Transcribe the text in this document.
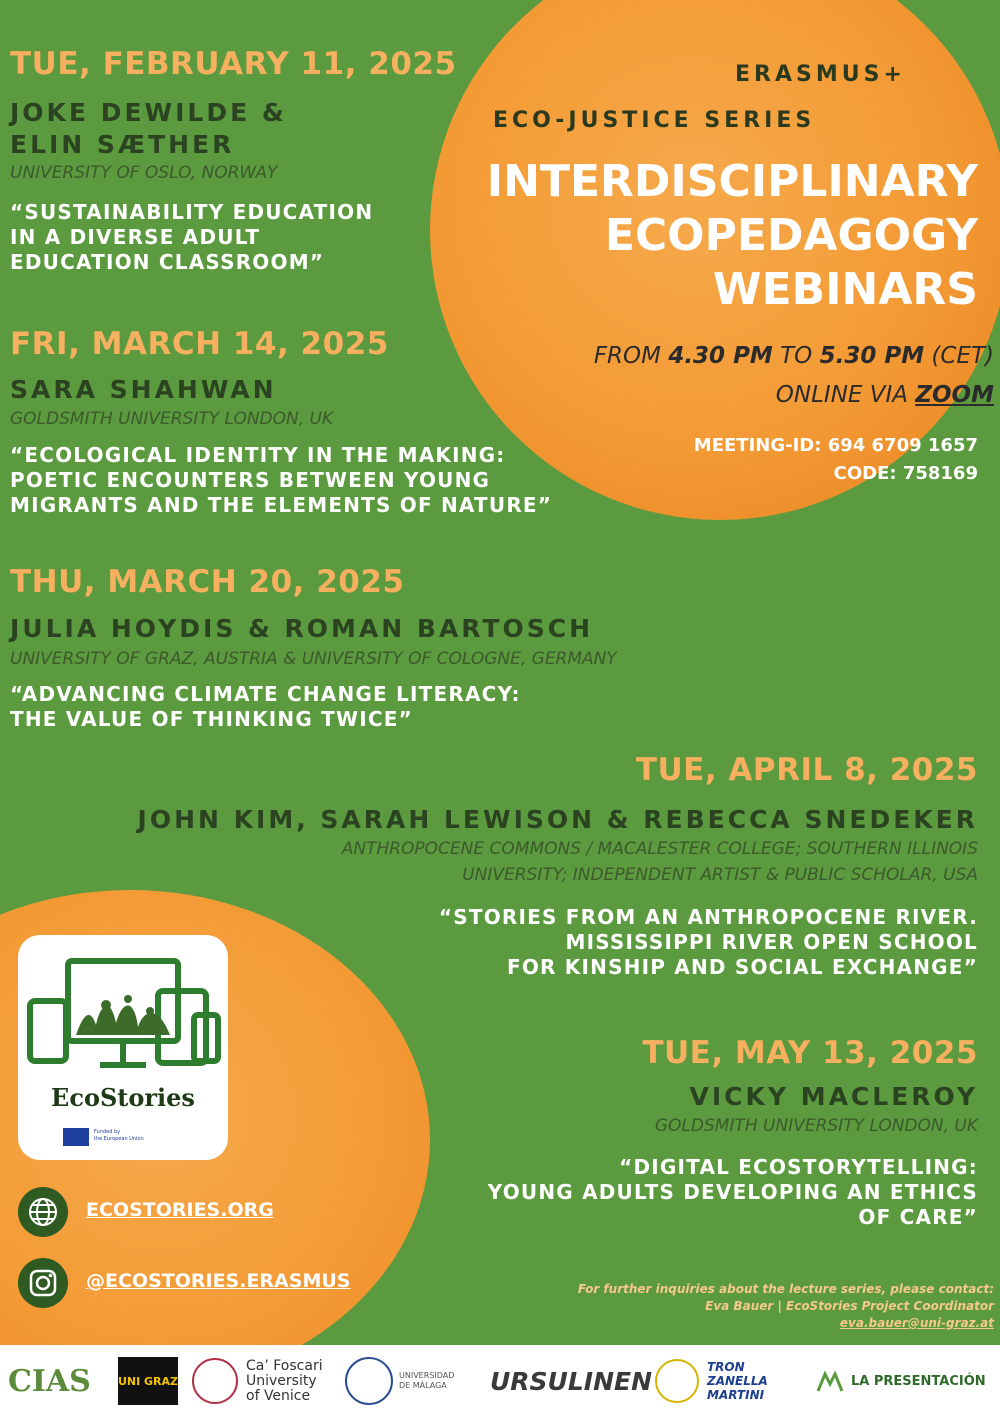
ERASMUS+
ECO-JUSTICE SERIES
INTERDISCIPLINARY
ECOPEDAGOGY
WEBINARS
FROM 4.30 PM TO 5.30 PM (CET)
ONLINE VIA ZOOM
MEETING-ID: 694 6709 1657
CODE: 758169
TUE, FEBRUARY 11, 2025
JOKE DEWILDE &
ELIN SÆTHER
UNIVERSITY OF OSLO, NORWAY
“SUSTAINABILITY EDUCATION
IN A DIVERSE ADULT
EDUCATION CLASSROOM”
FRI, MARCH 14, 2025
SARA SHAHWAN
GOLDSMITH UNIVERSITY LONDON, UK
“ECOLOGICAL IDENTITY IN THE MAKING:
POETIC ENCOUNTERS BETWEEN YOUNG
MIGRANTS AND THE ELEMENTS OF NATURE”
THU, MARCH 20, 2025
JULIA HOYDIS & ROMAN BARTOSCH
UNIVERSITY OF GRAZ, AUSTRIA & UNIVERSITY OF COLOGNE, GERMANY
“ADVANCING CLIMATE CHANGE LITERACY:
THE VALUE OF THINKING TWICE”
TUE, APRIL 8, 2025
JOHN KIM, SARAH LEWISON & REBECCA SNEDEKER
ANTHROPOCENE COMMONS / MACALESTER COLLEGE; SOUTHERN ILLINOIS
UNIVERSITY; INDEPENDENT ARTIST & PUBLIC SCHOLAR, USA
“STORIES FROM AN ANTHROPOCENE RIVER.
MISSISSIPPI RIVER OPEN SCHOOL
FOR KINSHIP AND SOCIAL EXCHANGE”
TUE, MAY 13, 2025
VICKY MACLEROY
GOLDSMITH UNIVERSITY LONDON, UK
“DIGITAL ECOSTORYTELLING:
YOUNG ADULTS DEVELOPING AN ETHICS
OF CARE”
EcoStories
Funded by
the European Union
ECOSTORIES.ORG
@ECOSTORIES.ERASMUS	For further inquiries about the lecture series, please contact:
Eva Bauer | EcoStories Project Coordinator
eva.bauer@uni-graz.at
CIAS UNI GRAZ
Ca’ Foscari
University
of Venice
UNIVERSIDAD
DE MÁLAGA	URSULINEN	TRON
ZANELLA
MARTINI
LA PRESENTACIÓN
